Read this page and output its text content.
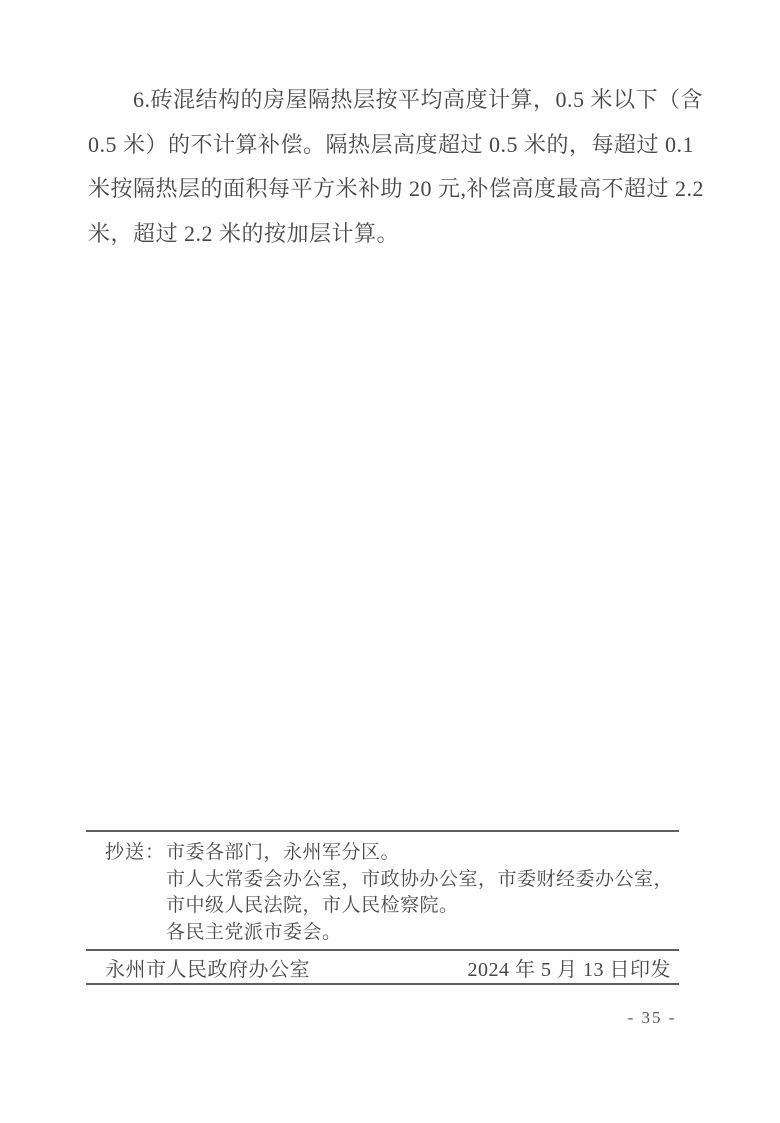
6.砖混结构的房屋隔热层按平均高度计算，0.5 米以下（含
0.5 米）的不计算补偿。隔热层高度超过 0.5 米的，每超过 0.1
米按隔热层的面积每平方米补助 20 元,补偿高度最高不超过 2.2
米，超过 2.2 米的按加层计算。
抄送： 市委各部门，永州军分区。
市人大常委会办公室，市政协办公室，市委财经委办公室，
市中级人民法院，市人民检察院。
各民主党派市委会。
永州市人民政府办公室	2024 年 5 月 13 日印发
- 35 -
